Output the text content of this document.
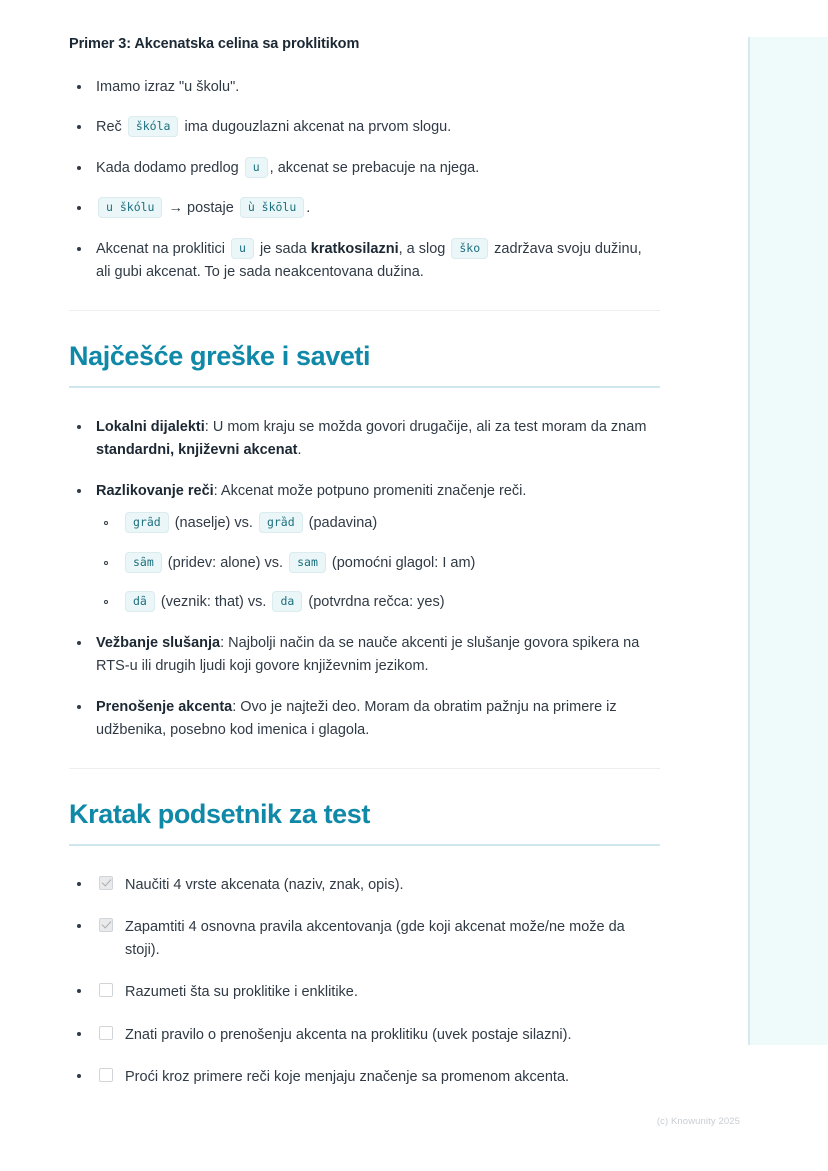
Primer 3: Akcenatska celina sa proklitikom
Imamo izraz "u školu".
Reč škóla ima dugouzlazni akcenat na prvom slogu.
Kada dodamo predlog u , akcenat se prebacuje na njega.
u škólu → postaje ù škōlu .
Akcenat na proklitici u je sada kratkosilazni, a slog ško zadržava svoju dužinu, ali gubi akcenat. To je sada neakcentovana dužina.
Najčešće greške i saveti
Lokalni dijalekti: U mom kraju se možda govori drugačije, ali za test moram da znam standardni, književni akcenat.
Razlikovanje reči: Akcenat može potpuno promeniti značenje reči.
grȃd (naselje) vs. grȁd (padavina)
sȃm (pridev: alone) vs. sam (pomoćni glagol: I am)
dȃ (veznik: that) vs. da (potvrdna rečca: yes)
Vežbanje slušanja: Najbolji način da se nauče akcenti je slušanje govora spikera na RTS-u ili drugih ljudi koji govore književnim jezikom.
Prenošenje akcenta: Ovo je najteži deo. Moram da obratim pažnju na primere iz udžbenika, posebno kod imenica i glagola.
Kratak podsetnik za test
Naučiti 4 vrste akcenata (naziv, znak, opis).
Zapamtiti 4 osnovna pravila akcentovanja (gde koji akcenat može/ne može da stoji).
Razumeti šta su proklitike i enklitike.
Znati pravilo o prenošenju akcenta na proklitiku (uvek postaje silazni).
Proći kroz primere reči koje menjaju značenje sa promenom akcenta.
(c) Knowunity 2025
